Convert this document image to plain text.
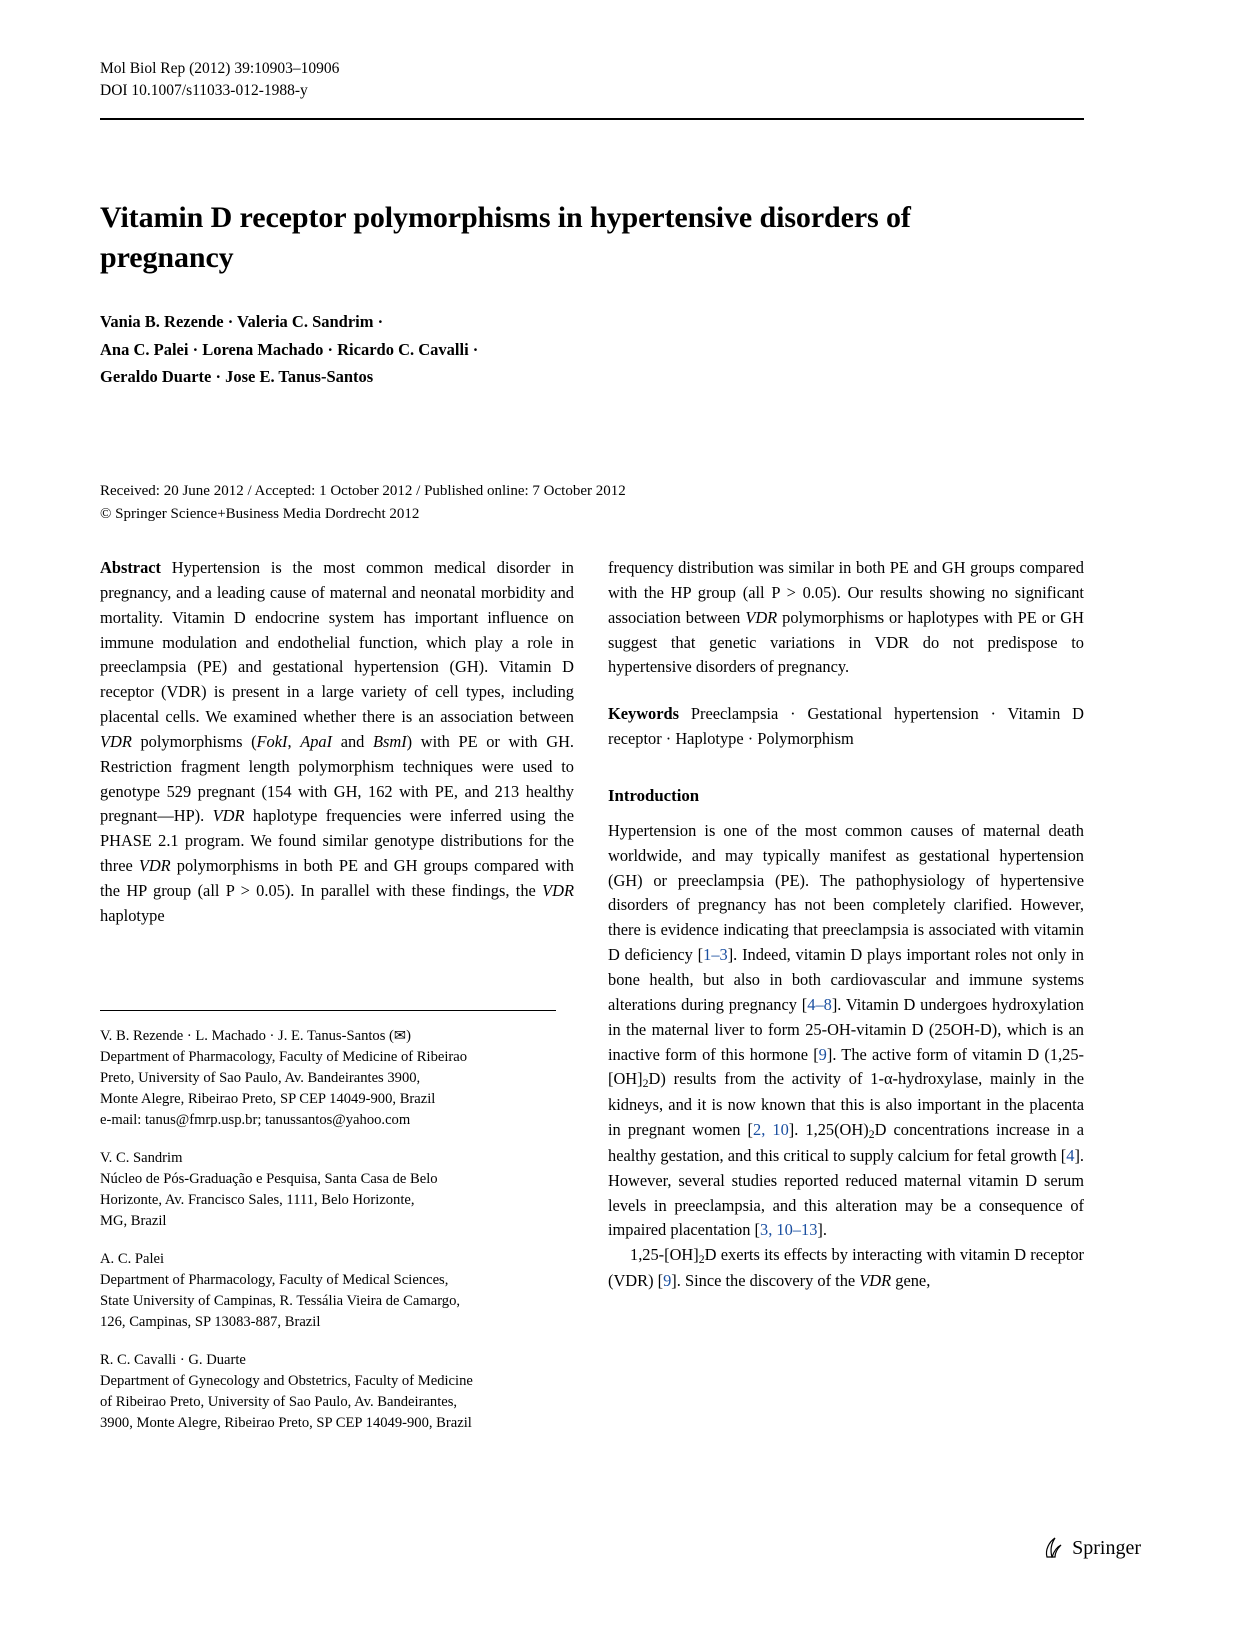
Mol Biol Rep (2012) 39:10903–10906
DOI 10.1007/s11033-012-1988-y
Vitamin D receptor polymorphisms in hypertensive disorders of pregnancy
Vania B. Rezende · Valeria C. Sandrim ·
Ana C. Palei · Lorena Machado · Ricardo C. Cavalli ·
Geraldo Duarte · Jose E. Tanus-Santos
Received: 20 June 2012 / Accepted: 1 October 2012 / Published online: 7 October 2012
© Springer Science+Business Media Dordrecht 2012

Abstract Hypertension is the most common medical disorder in pregnancy, and a leading cause of maternal and neonatal morbidity and mortality. Vitamin D endocrine system has important influence on immune modulation and endothelial function, which play a role in preeclampsia (PE) and gestational hypertension (GH). Vitamin D receptor (VDR) is present in a large variety of cell types, including placental cells. We examined whether there is an association between VDR polymorphisms (FokI, ApaI and BsmI) with PE or with GH. Restriction fragment length polymorphism techniques were used to genotype 529 pregnant (154 with GH, 162 with PE, and 213 healthy pregnant—HP). VDR haplotype frequencies were inferred using the PHASE 2.1 program. We found similar genotype distributions for the three VDR polymorphisms in both PE and GH groups compared with the HP group (all P > 0.05). In parallel with these findings, the VDR haplotype

V. B. Rezende · L. Machado · J. E. Tanus-Santos (✉)
Department of Pharmacology, Faculty of Medicine of Ribeirao
Preto, University of Sao Paulo, Av. Bandeirantes 3900,
Monte Alegre, Ribeirao Preto, SP CEP 14049-900, Brazil
e-mail: tanus@fmrp.usp.br; tanussantos@yahoo.com
V. C. Sandrim
Núcleo de Pós-Graduação e Pesquisa, Santa Casa de Belo
Horizonte, Av. Francisco Sales, 1111, Belo Horizonte,
MG, Brazil
A. C. Palei
Department of Pharmacology, Faculty of Medical Sciences,
State University of Campinas, R. Tessália Vieira de Camargo,
126, Campinas, SP 13083-887, Brazil
R. C. Cavalli · G. Duarte
Department of Gynecology and Obstetrics, Faculty of Medicine
of Ribeirao Preto, University of Sao Paulo, Av. Bandeirantes,
3900, Monte Alegre, Ribeirao Preto, SP CEP 14049-900, Brazil

frequency distribution was similar in both PE and GH groups compared with the HP group (all P > 0.05). Our results showing no significant association between VDR polymorphisms or haplotypes with PE or GH suggest that genetic variations in VDR do not predispose to hypertensive disorders of pregnancy.

Keywords Preeclampsia · Gestational hypertension · Vitamin D receptor · Haplotype · Polymorphism
Introduction

Hypertension is one of the most common causes of maternal death worldwide, and may typically manifest as gestational hypertension (GH) or preeclampsia (PE). The pathophysiology of hypertensive disorders of pregnancy has not been completely clarified. However, there is evidence indicating that preeclampsia is associated with vitamin D deficiency [1–3]. Indeed, vitamin D plays important roles not only in bone health, but also in both cardiovascular and immune systems alterations during pregnancy [4–8]. Vitamin D undergoes hydroxylation in the maternal liver to form 25-OH-vitamin D (25OH-D), which is an inactive form of this hormone [9]. The active form of vitamin D $(1,25-[OH]_2D)$ results from the activity of 1-α-hydroxylase, mainly in the kidneys, and it is now known that this is also important in the placenta in pregnant women [2, 10]. $1,25(OH)_2D$ concentrations increase in a healthy gestation, and this critical to supply calcium for fetal growth [4]. However, several studies reported reduced maternal vitamin D serum levels in preeclampsia, and this alteration may be a consequence of impaired placentation [3, 10–13].

$1,25-[OH]_2D$ exerts its effects by interacting with vitamin D receptor (VDR) [9]. Since the discovery of the VDR gene,

Springer
